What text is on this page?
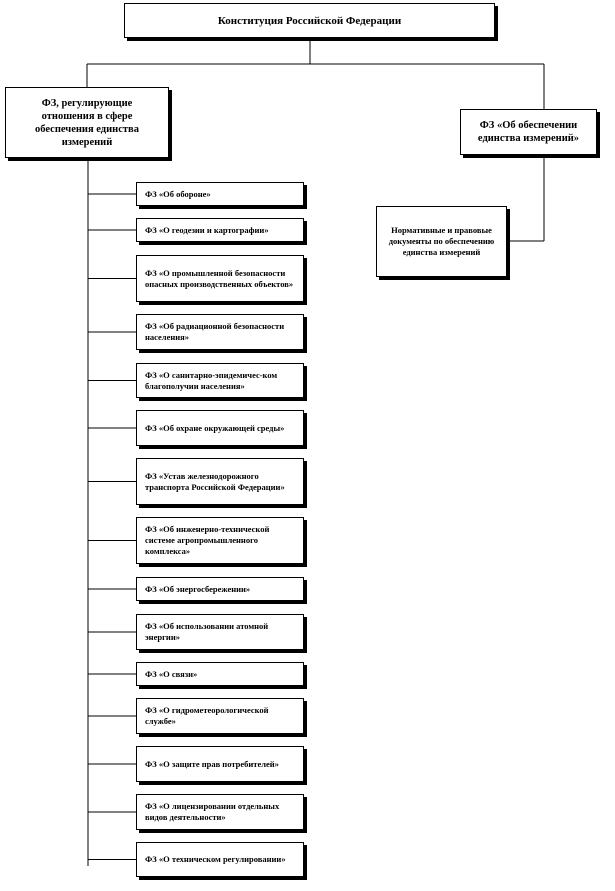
Конституция Российской Федерации
ФЗ, регулирующие отношения в сфере обеспечения единства измерений
ФЗ «Об обеспечении единства измерений»
Нормативные и правовые документы по обеспечению единства измерений
ФЗ «Об обороне»
ФЗ «О геодезии и картографии»
ФЗ «О промышленной безопасности опасных производственных объектов»
ФЗ «Об радиационной безопасности населения»
ФЗ «О санитарно-эпидемичес-ком благополучии населения»
ФЗ «Об охране окружающей среды»
ФЗ «Устав железнодорожного транспорта Российской Федерации»
ФЗ «Об инженерно-технической системе агропромышленного комплекса»
ФЗ «Об энергосбережении»
ФЗ «Об использовании атомной энергии»
ФЗ «О связи»
ФЗ «О гидрометеорологической службе»
ФЗ «О защите прав потребителей»
ФЗ «О лицензировании отдельных видов деятельности»
ФЗ «О техническом регулировании»
